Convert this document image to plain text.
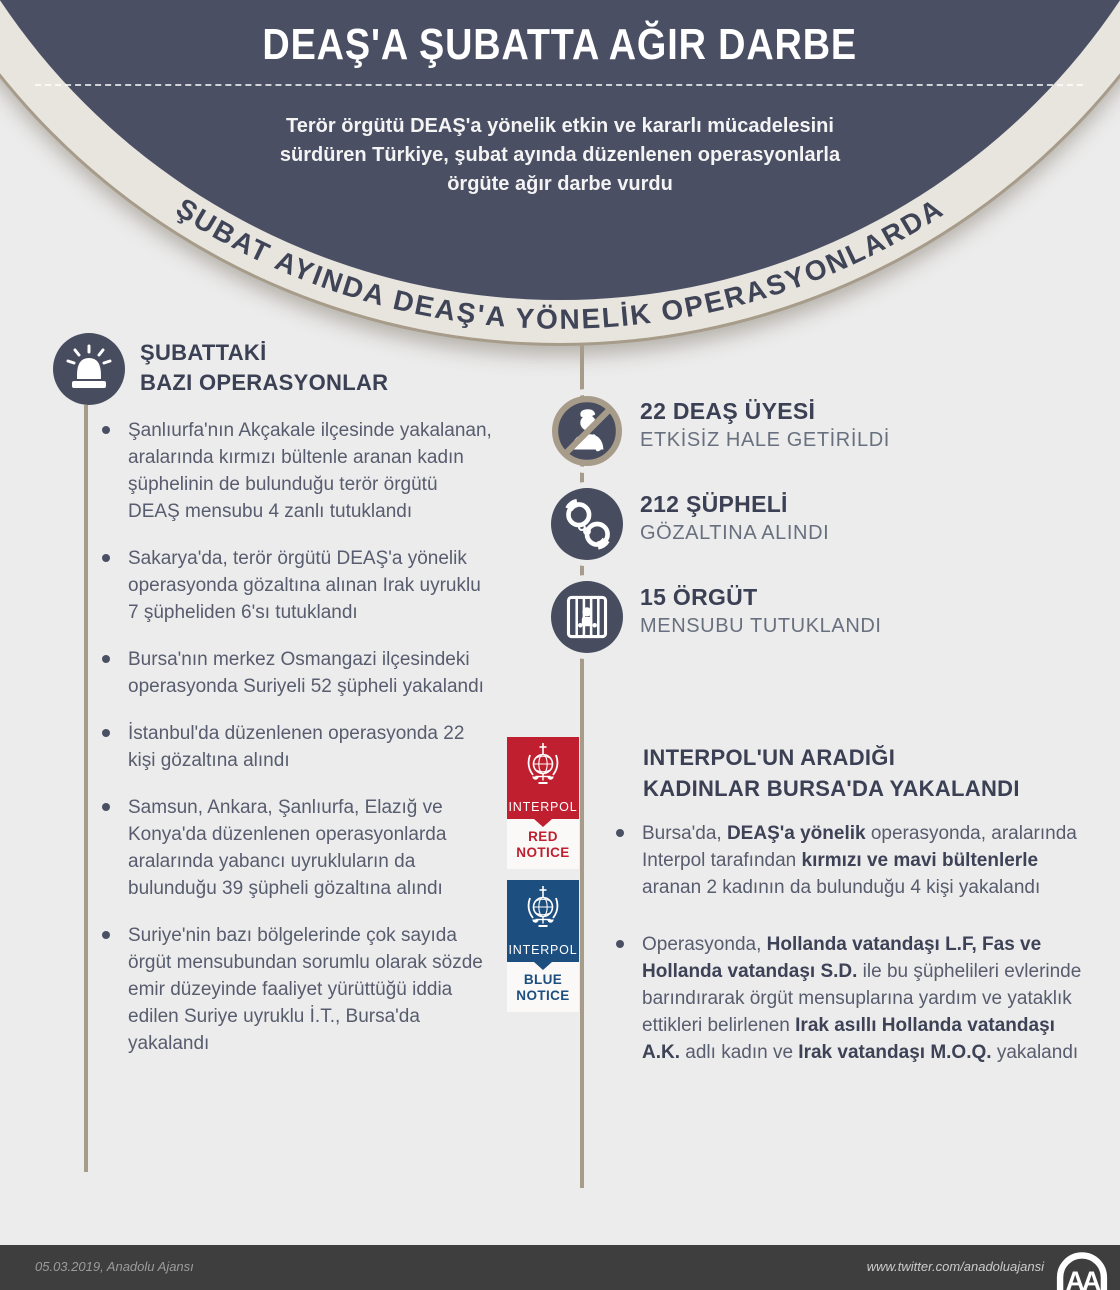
DEAŞ'A ŞUBATTA AĞIR DARBE
Terör örgütü DEAŞ'a yönelik etkin ve kararlı mücadelesini
sürdüren Türkiye, şubat ayında düzenlenen operasyonlarla
örgüte ağır darbe vurdu
ŞUBAT AYINDA DEAŞ'A YÖNELİK OPERASYONLARDA
ŞUBATTAKİ
BAZI OPERASYONLAR
Şanlıurfa'nın Akçakale ilçesinde yakalanan, aralarında kırmızı bültenle aranan kadın şüphelinin de bulunduğu terör örgütü DEAŞ mensubu 4 zanlı tutuklandı
Sakarya'da, terör örgütü DEAŞ'a yönelik operasyonda gözaltına alınan Irak uyruklu 7 şüpheliden 6'sı tutuklandı
Bursa'nın merkez Osmangazi ilçesindeki operasyonda Suriyeli 52 şüpheli yakalandı
İstanbul'da düzenlenen operasyonda 22 kişi gözaltına alındı
Samsun, Ankara, Şanlıurfa, Elazığ ve Konya'da düzenlenen operasyonlarda aralarında yabancı uyrukluların da bulunduğu 39 şüpheli gözaltına alındı
Suriye'nin bazı bölgelerinde çok sayıda örgüt mensubundan sorumlu olarak sözde emir düzeyinde faaliyet yürüttüğü iddia edilen Suriye uyruklu İ.T., Bursa'da yakalandı
22 DEAŞ ÜYESİ
ETKİSİZ HALE GETİRİLDİ
212 ŞÜPHELİ
GÖZALTINA ALINDI
15 ÖRGÜT
MENSUBU TUTUKLANDI
INTERPOL
RED
NOTICE
INTERPOL
BLUE
NOTICE
INTERPOL'UN ARADIĞI
KADINLAR BURSA'DA YAKALANDI
Bursa'da, DEAŞ'a yönelik operasyonda, aralarında Interpol tarafından kırmızı ve mavi bültenlerle aranan 2 kadının da bulunduğu 4 kişi yakalandı
Operasyonda, Hollanda vatandaşı L.F, Fas ve Hollanda vatandaşı S.D. ile bu şüphelileri evlerinde barındırarak örgüt mensuplarına yardım ve yataklık ettikleri belirlenen Irak asıllı Hollanda vatandaşı A.K. adlı kadın ve Irak vatandaşı M.O.Q. yakalandı
05.03.2019, Anadolu Ajansı	www.twitter.com/anadoluajansi AA
